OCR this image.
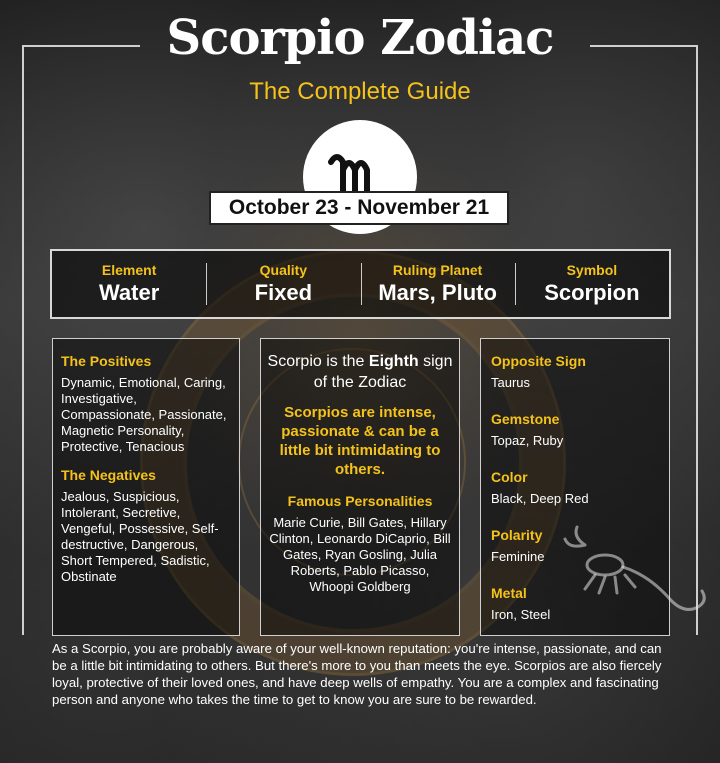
Scorpio Zodiac
The Complete Guide
October 23 - November 21
Element
Water
Quality
Fixed
Ruling Planet
Mars, Pluto
Symbol
Scorpion
The Positives
Dynamic, Emotional, Caring, Investigative, Compassionate, Passionate, Magnetic Personality, Protective, Tenacious
The Negatives
Jealous, Suspicious, Intolerant, Secretive, Vengeful, Possessive, Self-destructive, Dangerous, Short Tempered, Sadistic, Obstinate
Scorpio is the Eighth sign of the Zodiac
Scorpios are intense, passionate & can be a little bit intimidating to others.
Famous Personalities
Marie Curie, Bill Gates, Hillary Clinton, Leonardo DiCaprio, Bill Gates, Ryan Gosling, Julia Roberts, Pablo Picasso, Whoopi Goldberg
Opposite Sign
Taurus
Gemstone
Topaz, Ruby
Color
Black, Deep Red
Polarity
Feminine
Metal
Iron, Steel
As a Scorpio, you are probably aware of your well-known reputation: you're intense, passionate, and can be a little bit intimidating to others. But there's more to you than meets the eye. Scorpios are also fiercely loyal, protective of their loved ones, and have deep wells of empathy. You are a complex and fascinating person and anyone who takes the time to get to know you are sure to be rewarded.
